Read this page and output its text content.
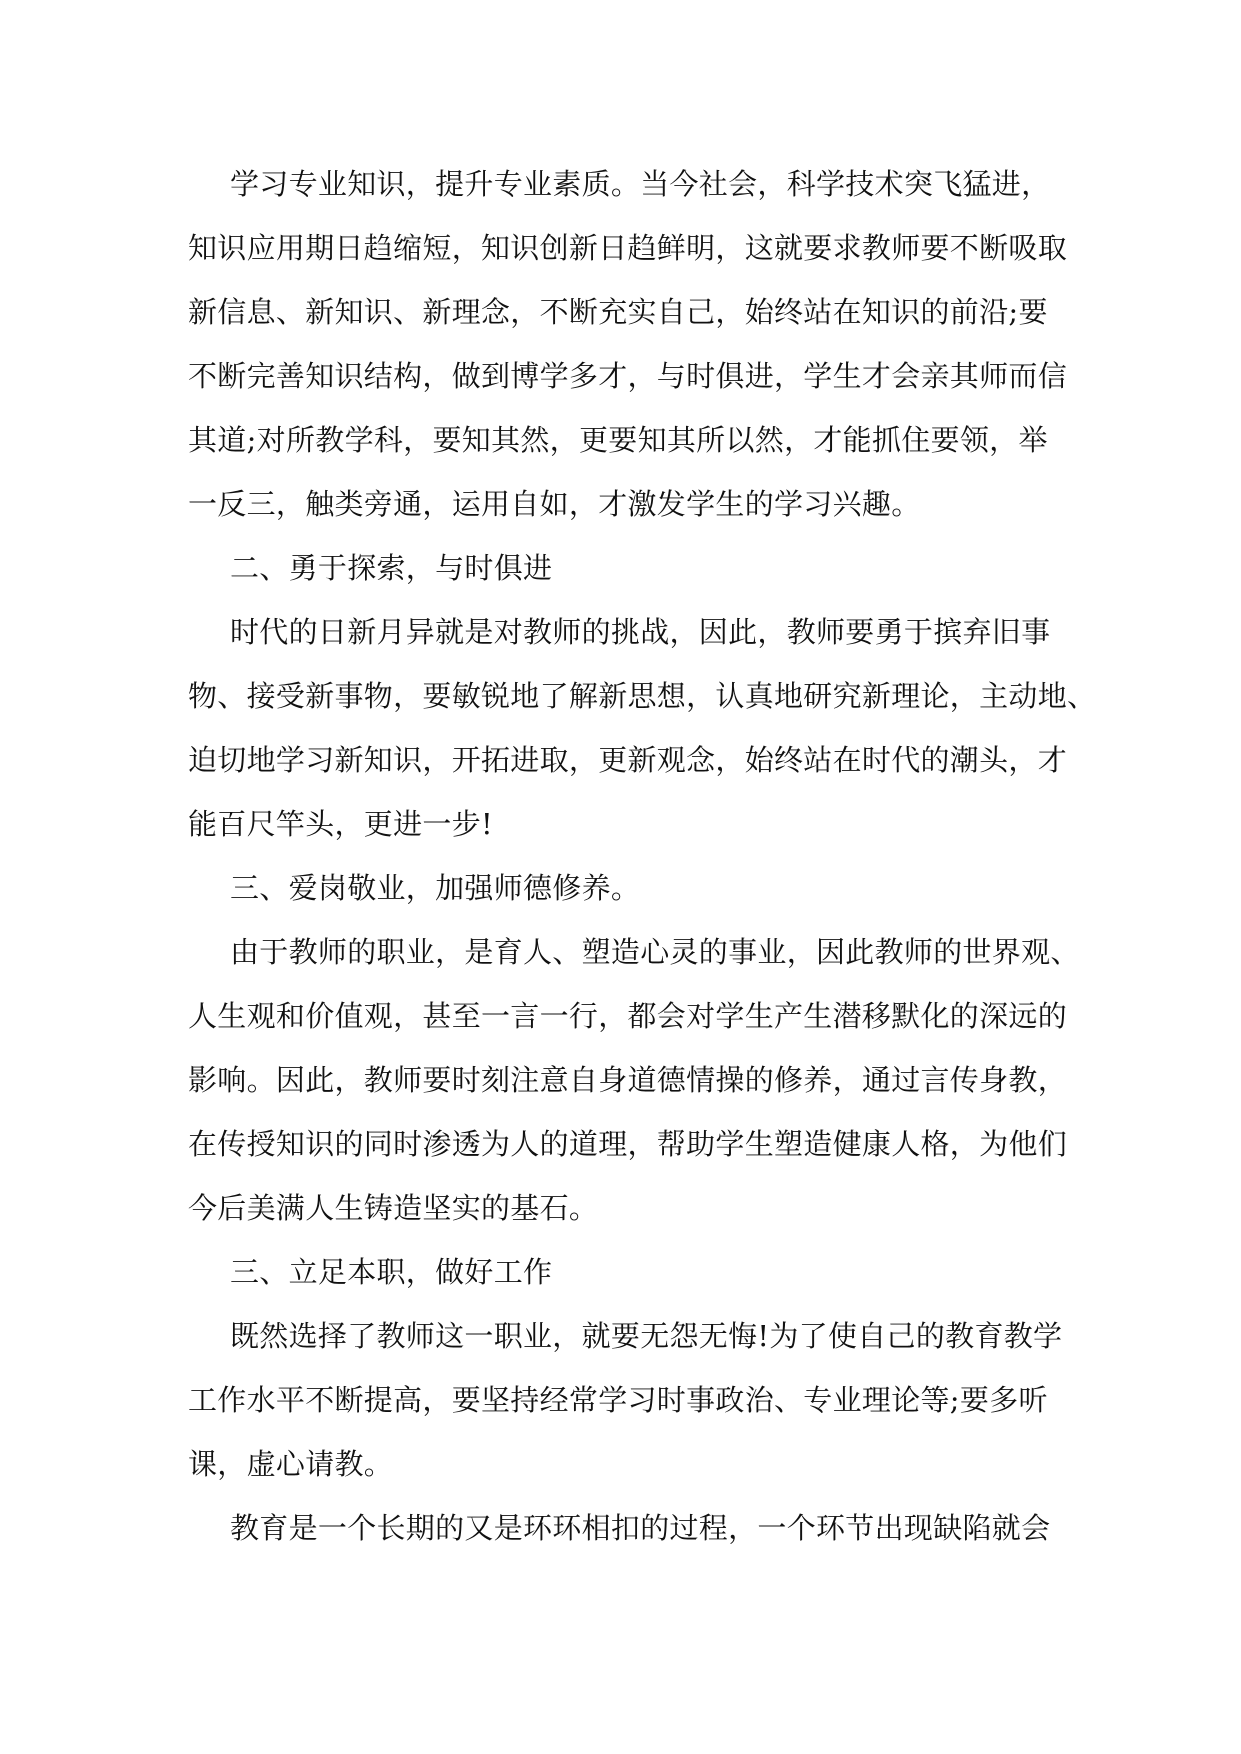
学习专业知识，提升专业素质。当今社会，科学技术突飞猛进，
知识应用期日趋缩短，知识创新日趋鲜明，这就要求教师要不断吸取
新信息、新知识、新理念，不断充实自己，始终站在知识的前沿;要
不断完善知识结构，做到博学多才，与时俱进，学生才会亲其师而信
其道;对所教学科，要知其然，更要知其所以然，才能抓住要领，举
一反三，触类旁通，运用自如，才激发学生的学习兴趣。
二、勇于探索，与时俱进
时代的日新月异就是对教师的挑战，因此，教师要勇于摈弃旧事
物、接受新事物，要敏锐地了解新思想，认真地研究新理论，主动地、
迫切地学习新知识，开拓进取，更新观念，始终站在时代的潮头，才
能百尺竿头，更进一步!
三、爱岗敬业，加强师德修养。
由于教师的职业，是育人、塑造心灵的事业，因此教师的世界观、
人生观和价值观，甚至一言一行，都会对学生产生潜移默化的深远的
影响。因此，教师要时刻注意自身道德情操的修养，通过言传身教，
在传授知识的同时渗透为人的道理，帮助学生塑造健康人格，为他们
今后美满人生铸造坚实的基石。
三、立足本职，做好工作
既然选择了教师这一职业，就要无怨无悔!为了使自己的教育教学
工作水平不断提高，要坚持经常学习时事政治、专业理论等;要多听
课，虚心请教。
教育是一个长期的又是环环相扣的过程，一个环节出现缺陷就会
